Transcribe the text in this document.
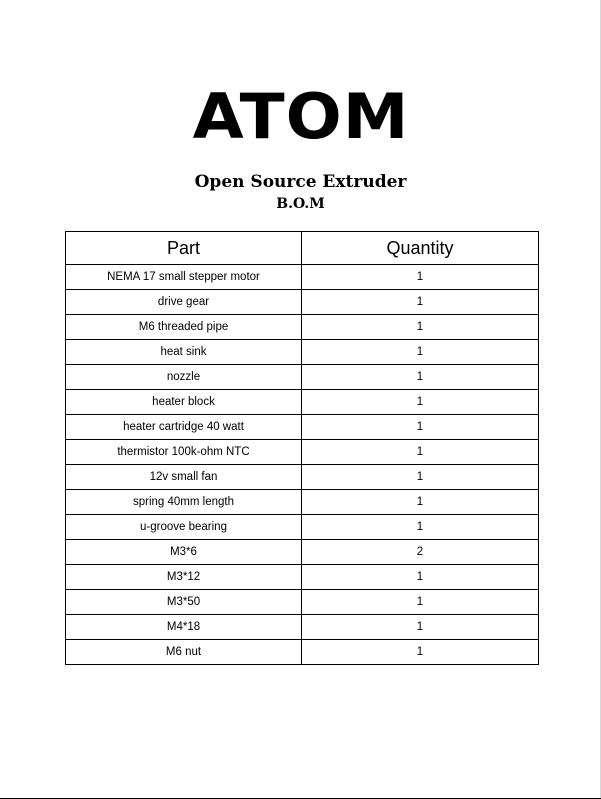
ATOM
Open Source Extruder
B.O.M
Part	Quantity
NEMA 17 small stepper motor	1
drive gear	1
M6 threaded pipe	1
heat sink	1
nozzle	1
heater block	1
heater cartridge 40 watt	1
thermistor 100k-ohm NTC	1
12v small fan	1
spring 40mm length	1
u-groove bearing	1
M3*6	2
M3*12	1
M3*50	1
M4*18	1
M6 nut	1
